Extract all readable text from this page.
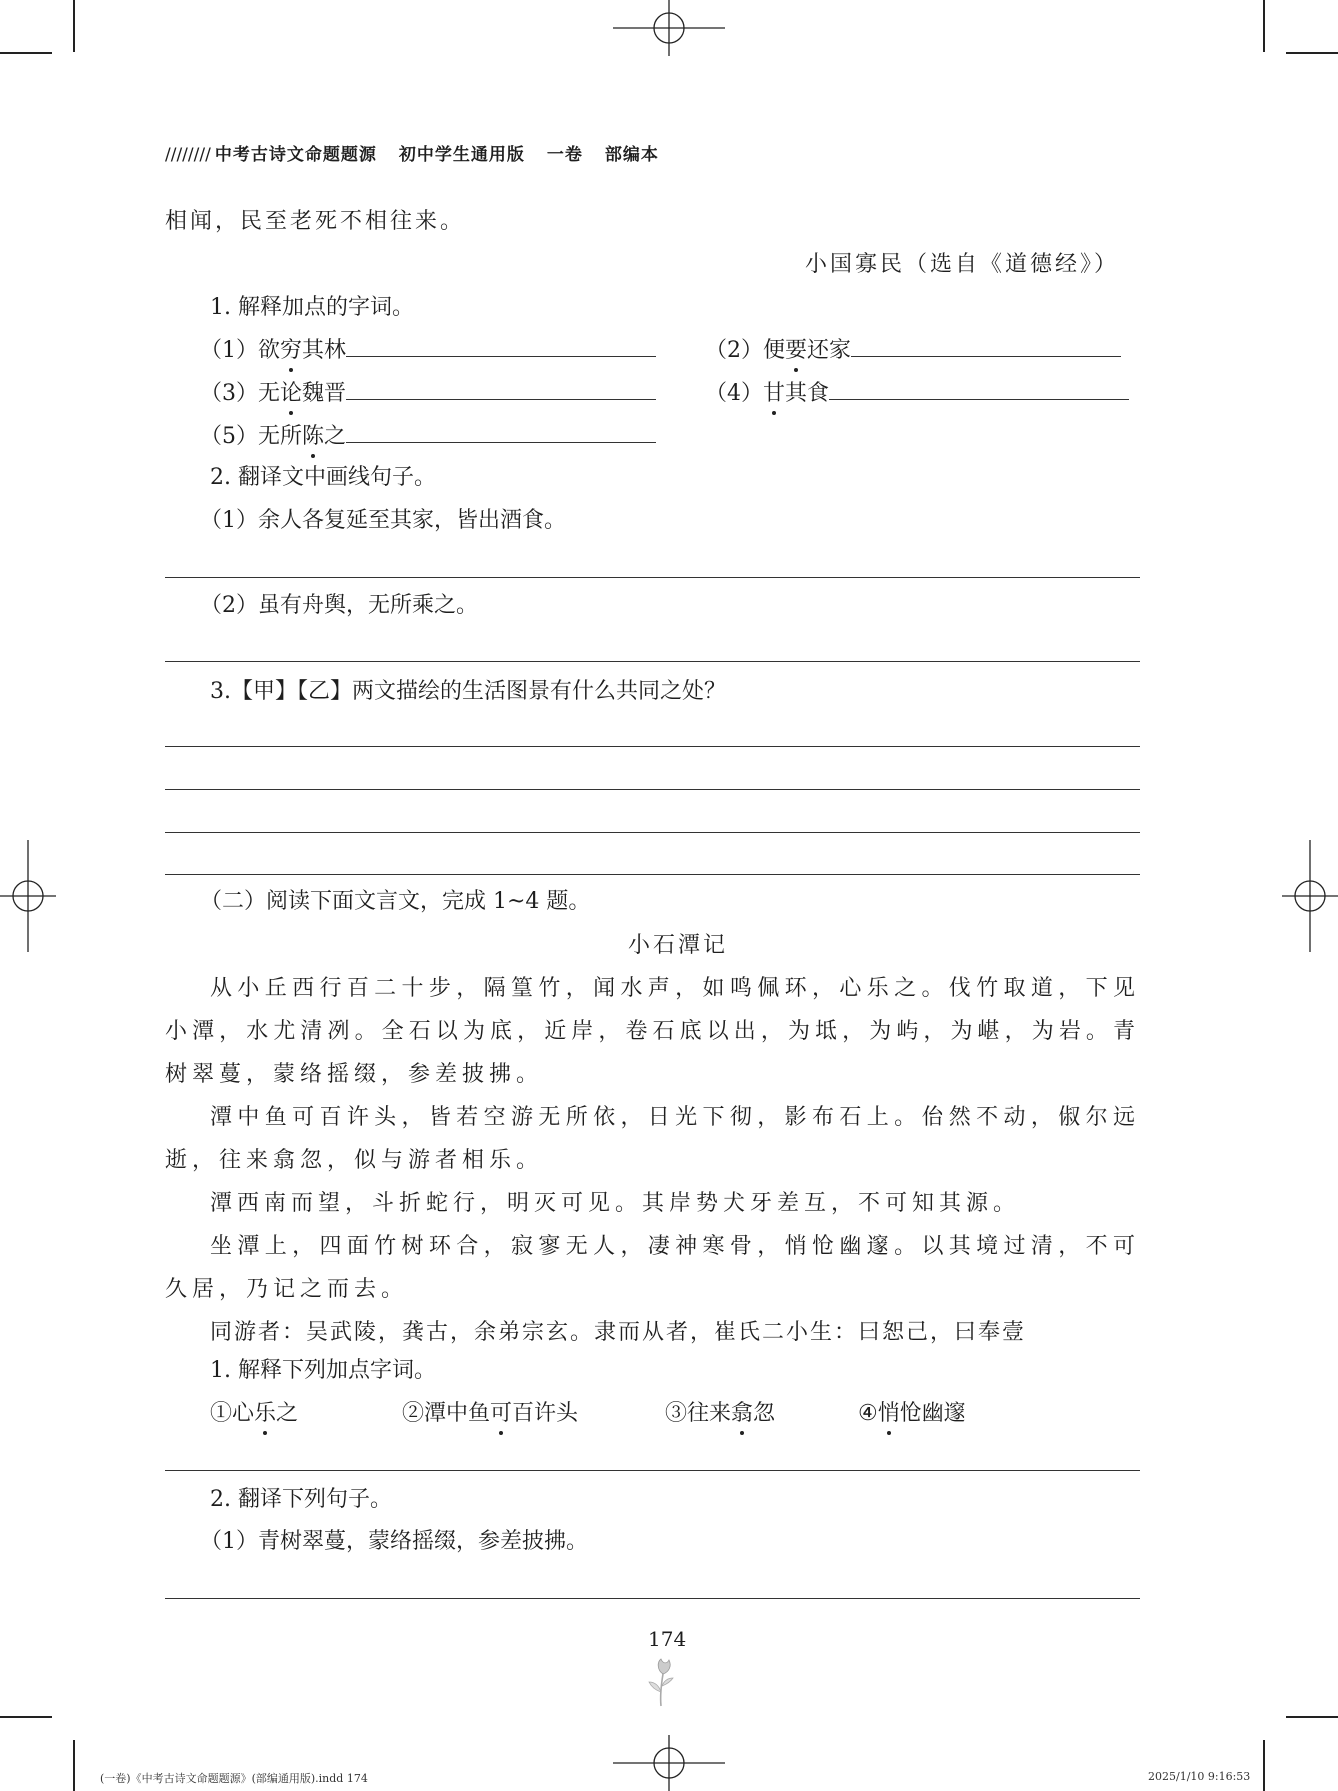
//////// 中考古诗文命题题源 初中学生通用版 一卷 部编本
相闻，民至老死不相往来。
小国寡民（选自《道德经》）
1. 解释加点的字词。
（1）欲穷其林	（2）便要还家
（3）无论魏晋	（4）甘其食
（5）无所陈之
2. 翻译文中画线句子。
（1）余人各复延至其家，皆出酒食。
（2）虽有舟舆，无所乘之。
3.【甲】【乙】两文描绘的生活图景有什么共同之处？
（二）阅读下面文言文，完成 1~4 题。
小石潭记

从小丘西行百二十步，隔篁竹，闻水声，如鸣佩环，心乐之。伐竹取道，下见小潭，水尤清冽。全石以为底，近岸，卷石底以出，为坻，为屿，为嵁，为岩。青树翠蔓，蒙络摇缀，参差披拂。

潭中鱼可百许头，皆若空游无所依，日光下彻，影布石上。佁然不动，俶尔远逝，往来翕忽，似与游者相乐。

潭西南而望，斗折蛇行，明灭可见。其岸势犬牙差互，不可知其源。

坐潭上，四面竹树环合，寂寥无人，凄神寒骨，悄怆幽邃。以其境过清，不可久居，乃记之而去。

同游者：吴武陵，龚古，余弟宗玄。隶而从者，崔氏二小生：曰恕己，曰奉壹

1. 解释下列加点字词。
①心乐之	②潭中鱼可百许头	③往来翕忽	④悄怆幽邃
2. 翻译下列句子。
（1）青树翠蔓，蒙络摇缀，参差披拂。
174
(一卷)《中考古诗文命题题源》(部编通用版).indd 174	2025/1/10 9:16:53
